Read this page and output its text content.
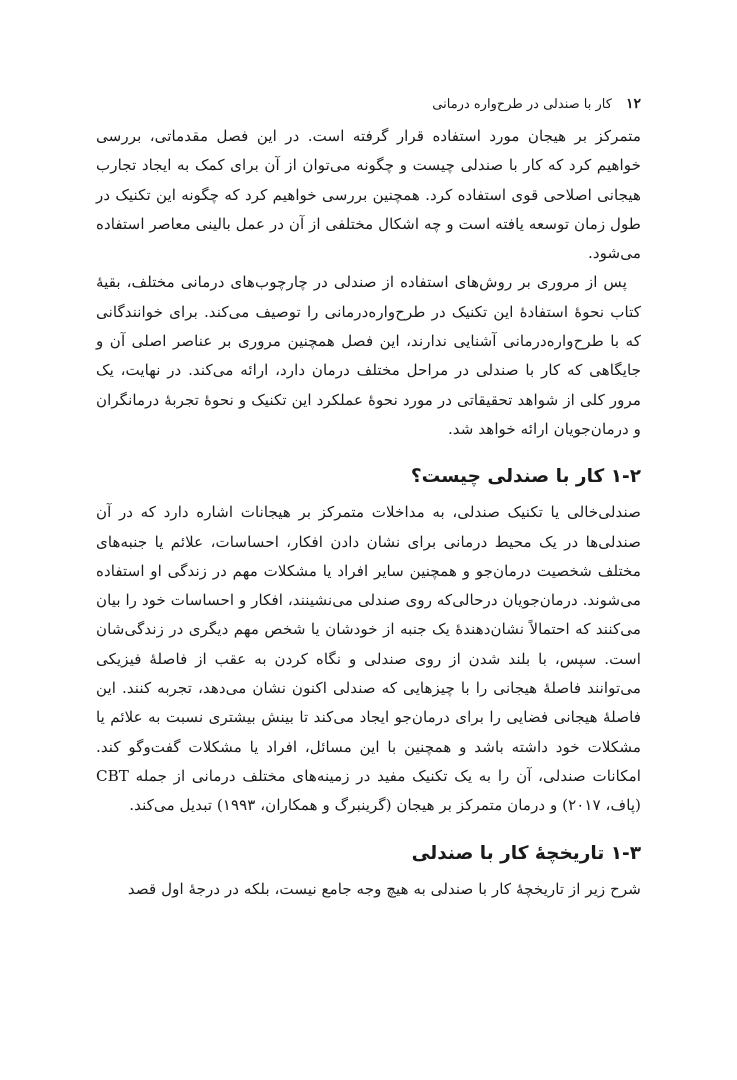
۱۲
کار با صندلی در طرح‌واره درمانی

متمرکز بر هیجان مورد استفاده قرار گرفته است. در این فصل مقدماتی، بررسی خواهیم کرد که کار با صندلی چیست و چگونه می‌توان از آن برای کمک به ایجاد تجارب هیجانی اصلاحی قوی استفاده کرد. همچنین بررسی خواهیم کرد که چگونه این تکنیک در طول زمان توسعه یافته است و چه اشکال مختلفی از آن در عمل بالینی معاصر استفاده می‌شود.

پس از مروری بر روش‌های استفاده از صندلی در چارچوب‌های درمانی مختلف، بقیهٔ کتاب نحوهٔ استفادهٔ این تکنیک در طرح‌واره‌درمانی را توصیف می‌کند. برای خوانندگانی که با طرح‌واره‌درمانی آشنایی ندارند، این فصل همچنین مروری بر عناصر اصلی آن و جایگاهی که کار با صندلی در مراحل مختلف درمان دارد، ارائه می‌کند. در نهایت، یک مرور کلی از شواهد تحقیقاتی در مورد نحوهٔ عملکرد این تکنیک و نحوهٔ تجربهٔ درمانگران و درمان‌جویان ارائه خواهد شد.

۱-۲ کار با صندلی چیست؟

صندلی‌خالی یا تکنیک صندلی، به مداخلات متمرکز بر هیجانات اشاره دارد که در آن صندلی‌ها در یک محیط درمانی برای نشان دادن افکار، احساسات، علائم یا جنبه‌های مختلف شخصیت درمان‌جو و همچنین سایر افراد یا مشکلات مهم در زندگی او استفاده می‌شوند. درمان‌جویان درحالی‌که روی صندلی می‌نشینند، افکار و احساسات خود را بیان می‌کنند که احتمالاً نشان‌دهندهٔ یک جنبه از خودشان یا شخص مهم دیگری در زندگی‌شان است. سپس، با بلند شدن از روی صندلی و نگاه کردن به عقب از فاصلهٔ فیزیکی می‌توانند فاصلهٔ هیجانی را با چیزهایی که صندلی اکنون نشان می‌دهد، تجربه کنند. این فاصلهٔ هیجانی فضایی را برای درمان‌جو ایجاد می‌کند تا بینش بیشتری نسبت به علائم یا مشکلات خود داشته باشد و همچنین با این مسائل، افراد یا مشکلات گفت‌وگو کند. امکانات صندلی، آن را به یک تکنیک مفید در زمینه‌های مختلف درمانی از جمله CBT (پاف، ۲۰۱۷) و درمان متمرکز بر هیجان (گرینبرگ و همکاران، ۱۹۹۳) تبدیل می‌کند.

۱-۳ تاریخچهٔ کار با صندلی

شرح زیر از تاریخچهٔ کار با صندلی به هیچ وجه جامع نیست، بلکه در درجهٔ اول قصد
